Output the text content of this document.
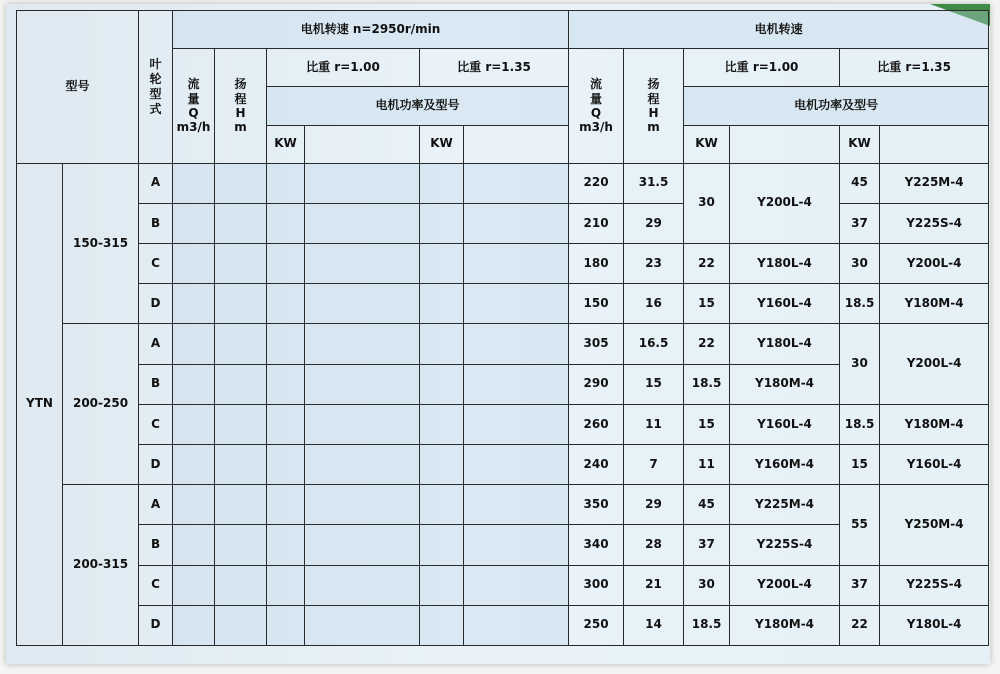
型号		叶轮型式	电机转速 n=2950r/min						电机转速					
			流量
Q
m3/h	扬程
H
m	比重 r=1.00		比重 r=1.35		流量
Q
m3/h	扬程
H
m	比重 r=1.00		比重 r=1.35	
					电机功率及型号						电机功率及型号			
					KW		KW				KW		KW	
YTN	150-315	A							220	31.5	30	Y200L-4	45	Y225M-4
		B							210	29			37	Y225S-4
		C							180	23	22	Y180L-4	30	Y200L-4
		D							150	16	15	Y160L-4	18.5	Y180M-4
	200-250	A							305	16.5	22	Y180L-4	30	Y200L-4
		B							290	15	18.5	Y180M-4		
		C							260	11	15	Y160L-4	18.5	Y180M-4
		D							240	7	11	Y160M-4	15	Y160L-4
	200-315	A							350	29	45	Y225M-4	55	Y250M-4
		B							340	28	37	Y225S-4		
		C							300	21	30	Y200L-4	37	Y225S-4
		D							250	14	18.5	Y180M-4	22	Y180L-4
